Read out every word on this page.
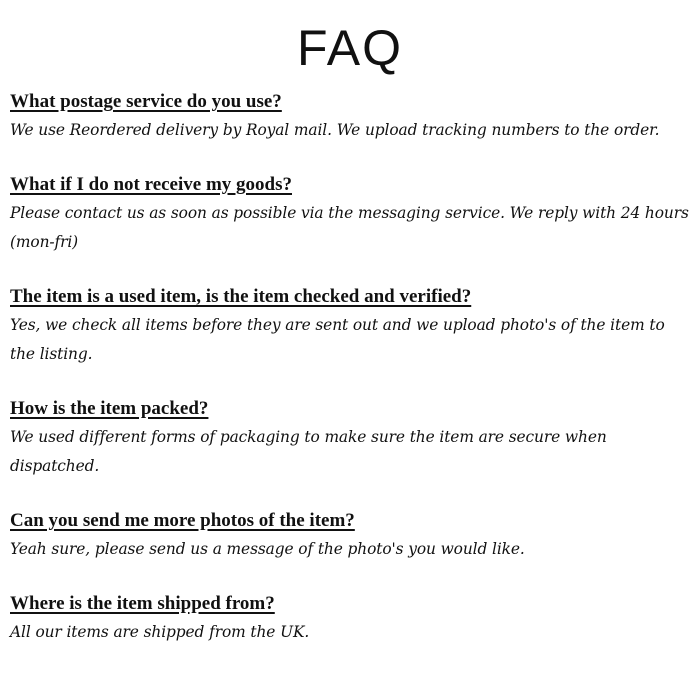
FAQ

What postage service do you use?

We use Reordered delivery by Royal mail. We upload tracking numbers to the order.

What if I do not receive my goods?

Please contact us as soon as possible via the messaging service. We reply with 24 hours (mon-fri)

The item is a used item, is the item checked and verified?

Yes, we check all items before they are sent out and we upload photo's of the item to the listing.

How is the item packed?

We used different forms of packaging to make sure the item are secure when dispatched.

Can you send me more photos of the item?

Yeah sure, please send us a message of the photo's you would like.

Where is the item shipped from?

All our items are shipped from the UK.
